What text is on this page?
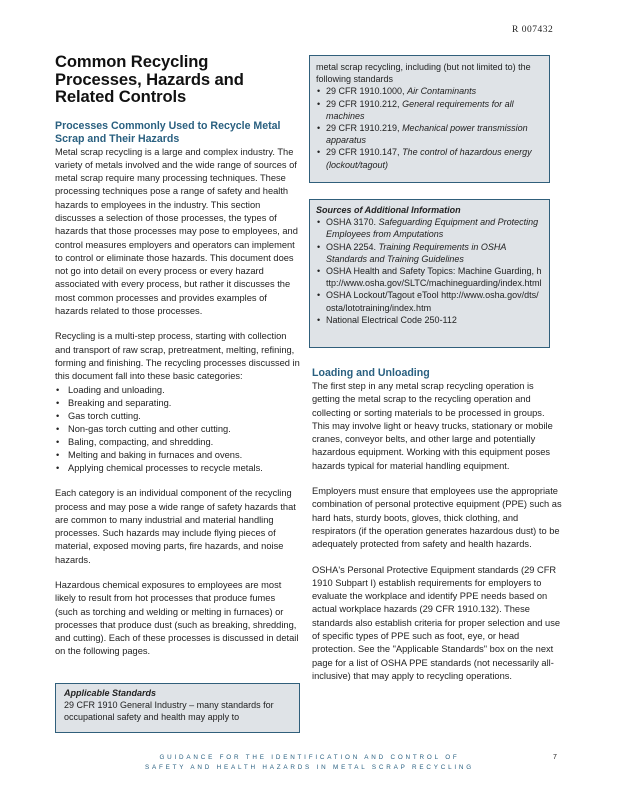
R 007432
Common Recycling Processes, Hazards and Related Controls
Processes Commonly Used to Recycle Metal Scrap and Their Hazards

Metal scrap recycling is a large and complex industry. The variety of metals involved and the wide range of sources of metal scrap require many processing techniques. These processing techniques pose a range of safety and health hazards to employees in the industry. This section discusses a selection of those processes, the types of hazards that those processes may pose to employees, and control measures employers and operators can implement to control or eliminate those hazards. This document does not go into detail on every process or every hazard associated with every process, but rather it discusses the most common processes and provides examples of hazards related to those processes.

Recycling is a multi-step process, starting with collection and transport of raw scrap, pretreatment, melting, refining, forming and finishing. The recycling processes discussed in this document fall into these basic categories:

• Loading and unloading.
• Breaking and separating.
• Gas torch cutting.
• Non-gas torch cutting and other cutting.
• Baling, compacting, and shredding.
• Melting and baking in furnaces and ovens.
• Applying chemical processes to recycle metals.

Each category is an individual component of the recycling process and may pose a wide range of safety hazards that are common to many industrial and material handling processes. Such hazards may include flying pieces of material, exposed moving parts, fire hazards, and noise hazards.

Hazardous chemical exposures to employees are most likely to result from hot processes that produce fumes (such as torching and welding or melting in furnaces) or processes that produce dust (such as breaking, shredding, and cutting). Each of these processes is discussed in detail on the following pages.

Applicable Standards
29 CFR 1910 General Industry – many standards for occupational safety and health may apply to
metal scrap recycling, including (but not limited to) the following standards
• 29 CFR 1910.1000, Air Contaminants
• 29 CFR 1910.212, General requirements for all machines
• 29 CFR 1910.219, Mechanical power transmission apparatus
• 29 CFR 1910.147, The control of hazardous energy (lockout/tagout)
Sources of Additional Information
• OSHA 3170. Safeguarding Equipment and Protecting Employees from Amputations
• OSHA 2254. Training Requirements in OSHA Standards and Training Guidelines
• OSHA Health and Safety Topics: Machine Guarding, http://www.osha.gov/SLTC/machineguarding/index.html
• OSHA Lockout/Tagout eTool http://www.osha.gov/dts/osta/lototraining/index.htm
• National Electrical Code 250-112
Loading and Unloading

The first step in any metal scrap recycling operation is getting the metal scrap to the recycling operation and collecting or sorting materials to be processed in groups. This may involve light or heavy trucks, stationary or mobile cranes, conveyor belts, and other large and potentially hazardous equipment. Working with this equipment poses hazards typical for material handling equipment.

Employers must ensure that employees use the appropriate combination of personal protective equipment (PPE) such as hard hats, sturdy boots, gloves, thick clothing, and respirators (if the operation generates hazardous dust) to be adequately protected from safety and health hazards.

OSHA's Personal Protective Equipment standards (29 CFR 1910 Subpart I) establish requirements for employers to evaluate the workplace and identify PPE needs based on actual workplace hazards (29 CFR 1910.132). These standards also establish criteria for proper selection and use of specific types of PPE such as foot, eye, or head protection. See the "Applicable Standards" box on the next page for a list of OSHA PPE standards (not necessarily all-inclusive) that may apply to recycling operations.

GUIDANCE FOR THE IDENTIFICATION AND CONTROL OF
SAFETY AND HEALTH HAZARDS IN METAL SCRAP RECYCLING
7
